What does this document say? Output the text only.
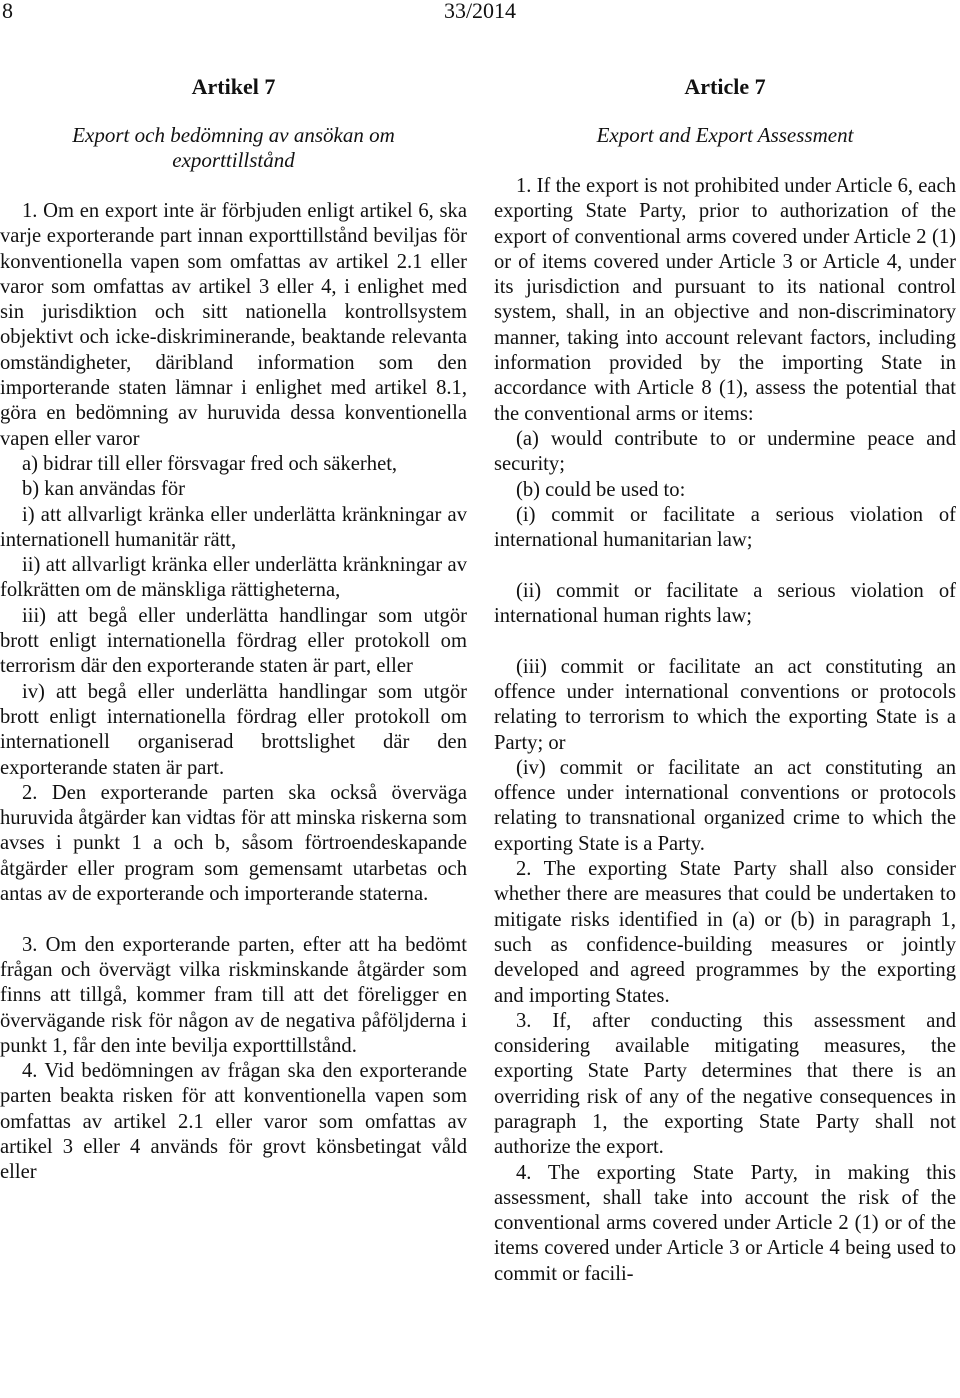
8	33/2014
Artikel 7
Export och bedömning av ansökan om exporttillstånd

1. Om en export inte är förbjuden enligt artikel 6, ska varje exporterande part innan exporttillstånd beviljas för konventionella vapen som omfattas av artikel 2.1 eller varor som omfattas av artikel 3 eller 4, i enlighet med sin jurisdiktion och sitt nationella kontrollsystem objektivt och icke-diskriminerande, beaktande relevanta omständigheter, däribland information som den importerande staten lämnar i enlighet med artikel 8.1, göra en bedömning av huruvida dessa konventionella vapen eller varor

a) bidrar till eller försvagar fred och säkerhet,

b) kan användas för

i) att allvarligt kränka eller underlätta kränkningar av internationell humanitär rätt,

ii) att allvarligt kränka eller underlätta kränkningar av folkrätten om de mänskliga rättigheterna,

iii) att begå eller underlätta handlingar som utgör brott enligt internationella fördrag eller protokoll om terrorism där den exporterande staten är part, eller

iv) att begå eller underlätta handlingar som utgör brott enligt internationella fördrag eller protokoll om internationell organiserad brottslighet där den exporterande staten är part.

2. Den exporterande parten ska också överväga huruvida åtgärder kan vidtas för att minska riskerna som avses i punkt 1 a och b, såsom förtroendeskapande åtgärder eller program som gemensamt utarbetas och antas av de exporterande och importerande staterna.

3. Om den exporterande parten, efter att ha bedömt frågan och övervägt vilka riskminskande åtgärder som finns att tillgå, kommer fram till att det föreligger en övervägande risk för någon av de negativa påföljderna i punkt 1, får den inte bevilja exporttillstånd.

4. Vid bedömningen av frågan ska den exporterande parten beakta risken för att konventionella vapen som omfattas av artikel 2.1 eller varor som omfattas av artikel 3 eller 4 används för grovt könsbetingat våld eller

Article 7
Export and Export Assessment

1. If the export is not prohibited under Article 6, each exporting State Party, prior to authorization of the export of conventional arms covered under Article 2 (1) or of items covered under Article 3 or Article 4, under its jurisdiction and pursuant to its national control system, shall, in an objective and non-discriminatory manner, taking into account relevant factors, including information provided by the importing State in accordance with Article 8 (1), assess the potential that the conventional arms or items:

(a) would contribute to or undermine peace and security;

(b) could be used to:

(i) commit or facilitate a serious violation of international humanitarian law;

(ii) commit or facilitate a serious violation of international human rights law;

(iii) commit or facilitate an act constituting an offence under international conventions or protocols relating to terrorism to which the exporting State is a Party; or

(iv) commit or facilitate an act constituting an offence under international conventions or protocols relating to transnational organized crime to which the exporting State is a Party.

2. The exporting State Party shall also consider whether there are measures that could be undertaken to mitigate risks identified in (a) or (b) in paragraph 1, such as confidence-building measures or jointly developed and agreed programmes by the exporting and importing States.

3. If, after conducting this assessment and considering available mitigating measures, the exporting State Party determines that there is an overriding risk of any of the negative consequences in paragraph 1, the exporting State Party shall not authorize the export.

4. The exporting State Party, in making this assessment, shall take into account the risk of the conventional arms covered under Article 2 (1) or of the items covered under Article 3 or Article 4 being used to commit or facili-
